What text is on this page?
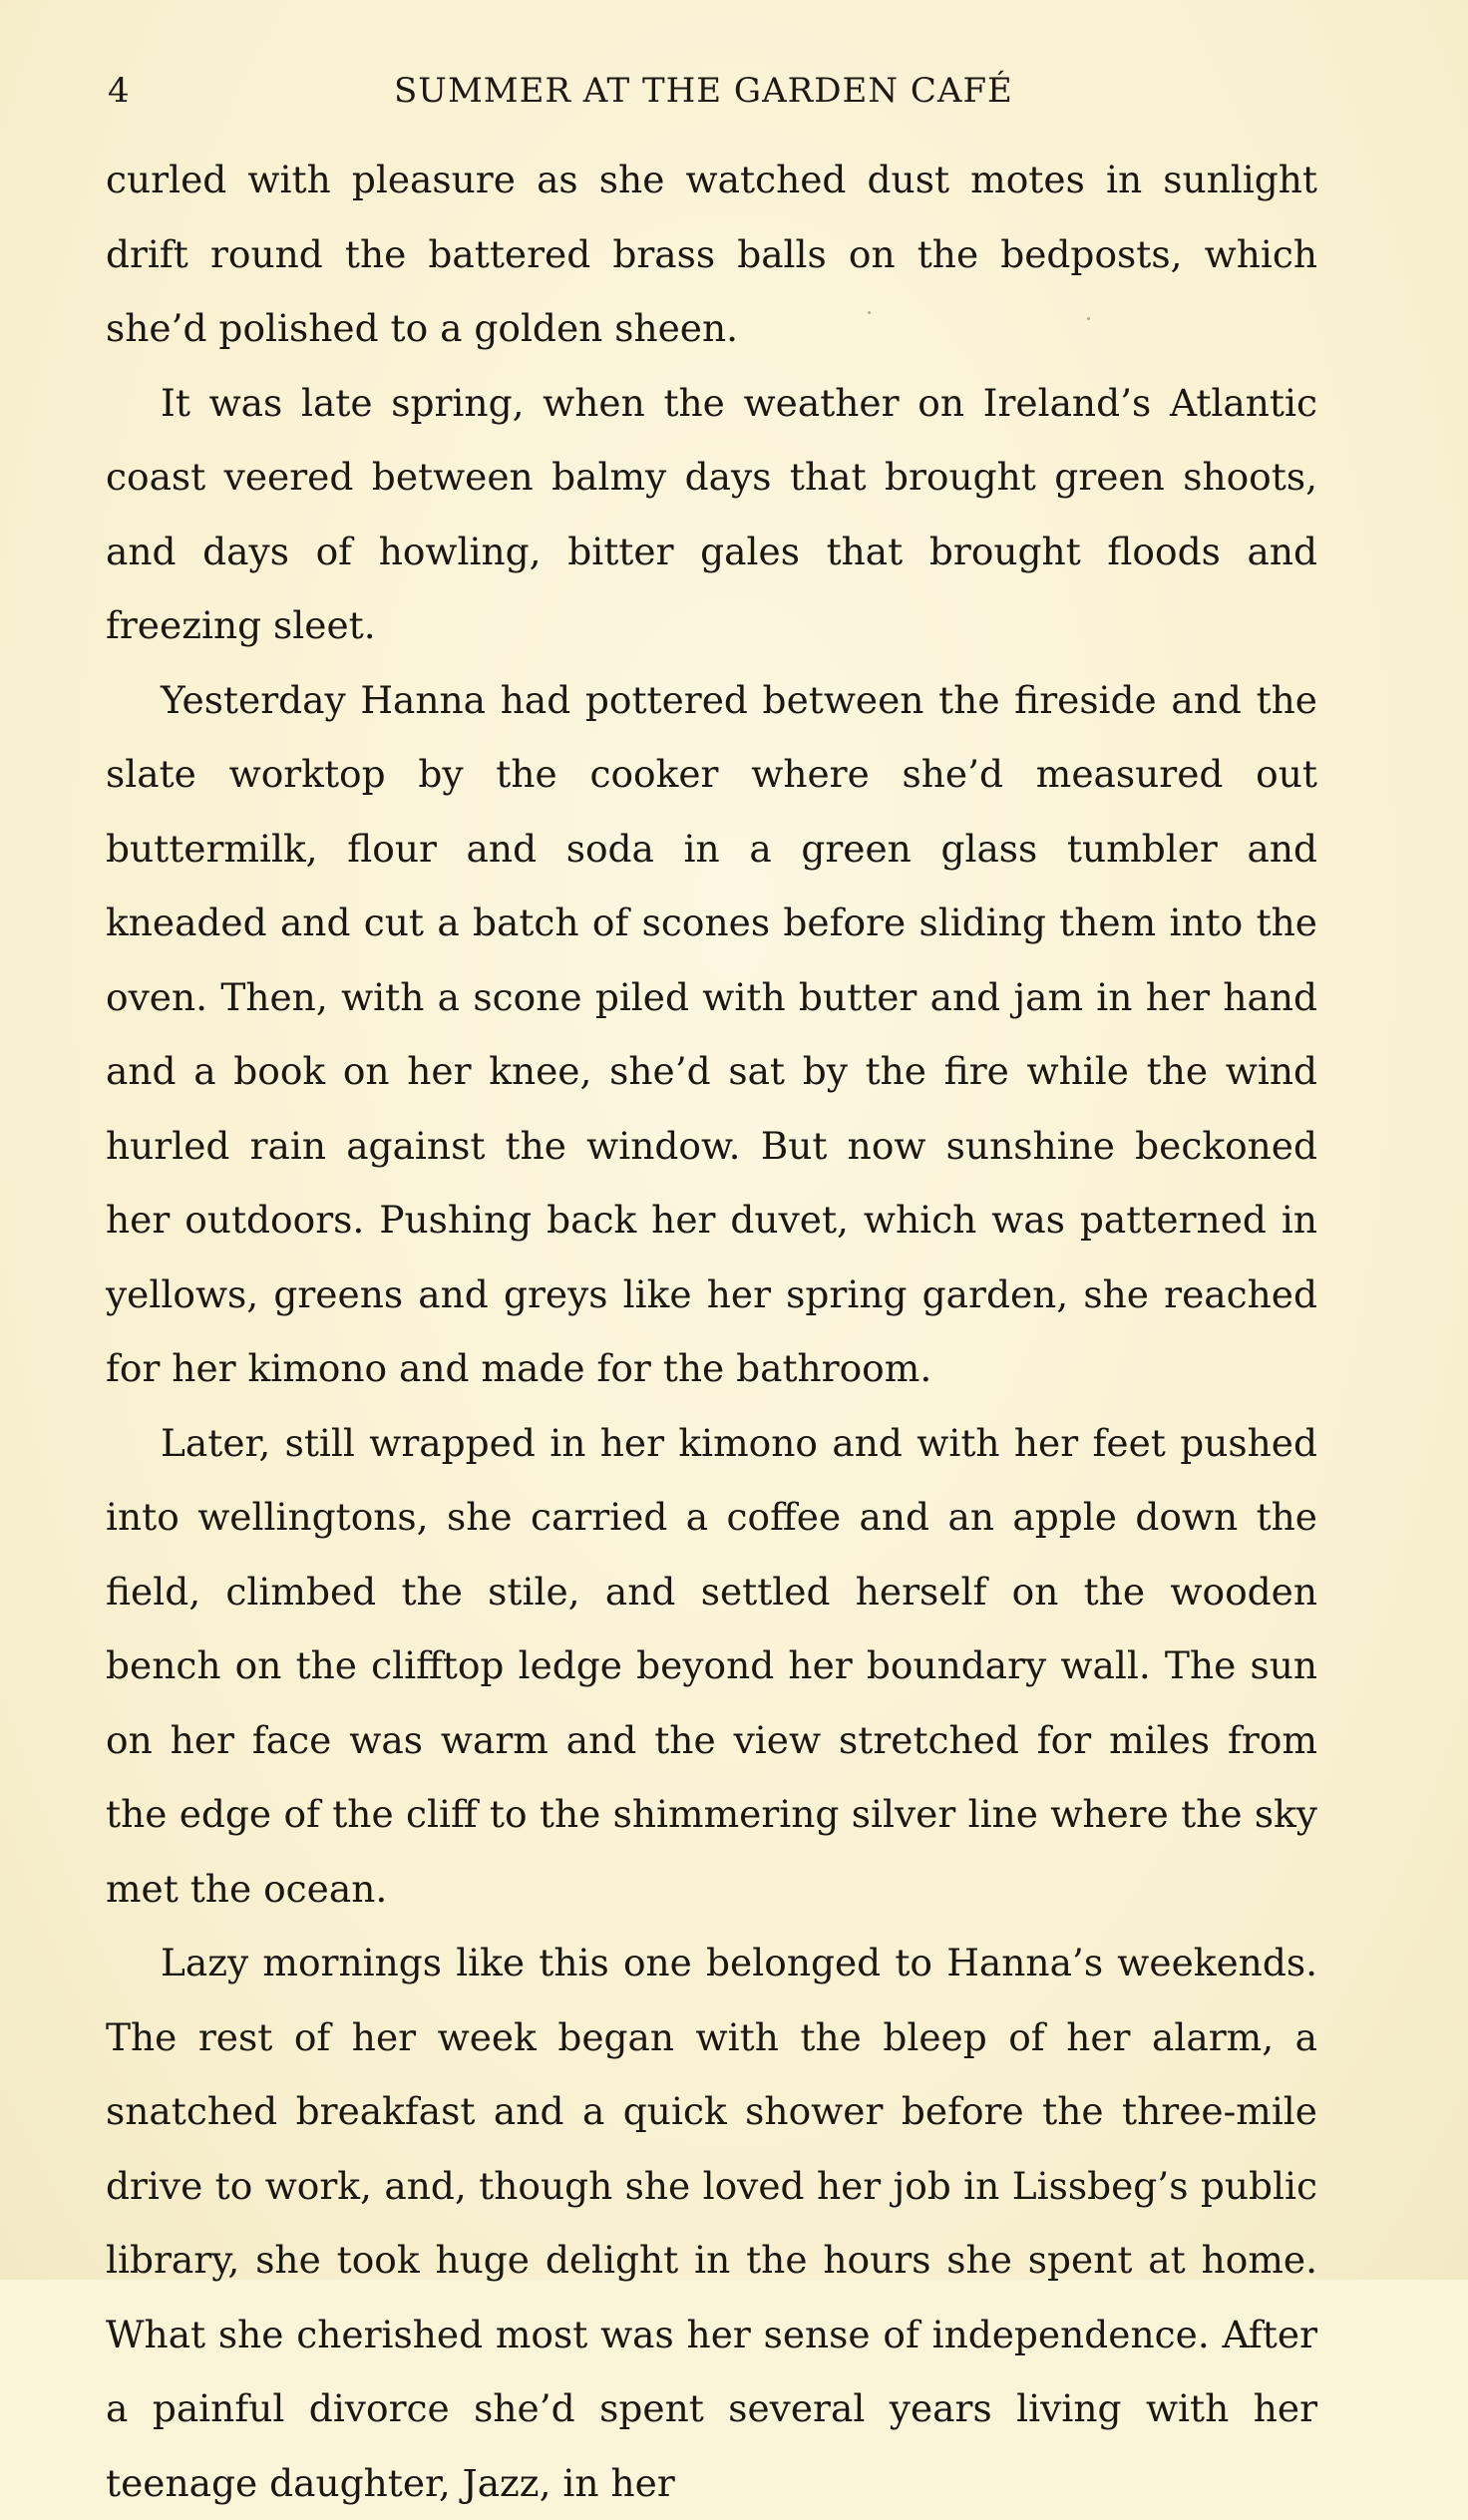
4	SUMMER AT THE GARDEN CAFÉ

curled with pleasure as she watched dust motes in sunlight drift round the battered brass balls on the bedposts, which she’d polished to a golden sheen.

It was late spring, when the weather on Ireland’s Atlantic coast veered between balmy days that brought green shoots, and days of howling, bitter gales that brought floods and freezing sleet.

Yesterday Hanna had pottered between the fireside and the slate worktop by the cooker where she’d measured out buttermilk, flour and soda in a green glass tumbler and kneaded and cut a batch of scones before sliding them into the oven. Then, with a scone piled with butter and jam in her hand and a book on her knee, she’d sat by the fire while the wind hurled rain against the window. But now sunshine beckoned her outdoors. Pushing back her duvet, which was patterned in yellows, greens and greys like her spring garden, she reached for her kimono and made for the bathroom.

Later, still wrapped in her kimono and with her feet pushed into wellingtons, she carried a coffee and an apple down the field, climbed the stile, and settled herself on the wooden bench on the clifftop ledge beyond her boundary wall. The sun on her face was warm and the view stretched for miles from the edge of the cliff to the shimmering silver line where the sky met the ocean.

Lazy mornings like this one belonged to Hanna’s weekends. The rest of her week began with the bleep of her alarm, a snatched breakfast and a quick shower before the three-mile drive to work, and, though she loved her job in Lissbeg’s public library, she took huge delight in the hours she spent at home. What she cherished most was her sense of independence. After a painful divorce she’d spent several years living with her teenage daughter, Jazz, in her
